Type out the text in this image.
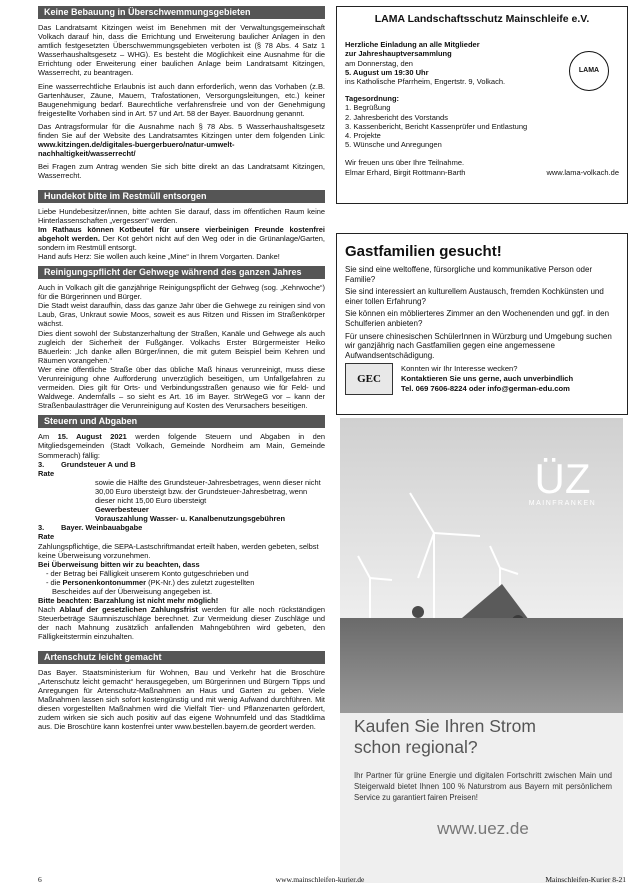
Keine Bebauung in Überschwemmungsgebieten

Das Landratsamt Kitzingen weist im Benehmen mit der Verwaltungsgemeinschaft Volkach darauf hin, dass die Errichtung und Erweiterung baulicher Anlagen in den amtlich festgesetzten Überschwemmungsgebieten verboten ist (§ 78 Abs. 4 Satz 1 Wasserhaushaltsgesetz – WHG). Es besteht die Möglichkeit eine Ausnahme für die Errichtung oder Erweiterung einer baulichen Anlage beim Landratsamt Kitzingen, Wasserrecht, zu beantragen.

Eine wasserrechtliche Erlaubnis ist auch dann erforderlich, wenn das Vorhaben (z.B. Gartenhäuser, Zäune, Mauern, Trafostationen, Versorgungsleitungen, etc.) keiner Baugenehmigung bedarf. Baurechtliche verfahrensfreie und von der Genehmigung freigestellte Vorhaben sind in Art. 57 und Art. 58 der Bayer. Bauordnung genannt.

Das Antragsformular für die Ausnahme nach § 78 Abs. 5 Wasserhaushaltsgesetz finden Sie auf der Website des Landratsamtes Kitzingen unter dem folgenden Link: www.kitzingen.de/digitales-buergerbuero/natur-umwelt-nachhaltigkeit/wasserrecht/

Bei Fragen zum Antrag wenden Sie sich bitte direkt an das Landratsamt Kitzingen, Wasserrecht.

Hundekot bitte im Restmüll entsorgen

Liebe Hundebesitzer/innen, bitte achten Sie darauf, dass im öffentlichen Raum keine Hinterlassenschaften „vergessen“ werden.
Im Rathaus können Kotbeutel für unsere vierbeinigen Freunde kostenfrei abgeholt werden. Der Kot gehört nicht auf den Weg oder in die Grünanlage/Garten, sondern im Restmüll entsorgt.
Hand aufs Herz: Sie wollen auch keine „Mine“ in Ihrem Vorgarten. Danke!

Reinigungspflicht der Gehwege während des ganzen Jahres

Auch in Volkach gilt die ganzjährige Reinigungspflicht der Gehweg (sog. „Kehrwoche“) für die Bürgerinnen und Bürger.
Die Stadt weist daraufhin, dass das ganze Jahr über die Gehwege zu reinigen sind von Laub, Gras, Unkraut sowie Moos, soweit es aus Ritzen und Rissen im Straßenkörper wächst.
Dies dient sowohl der Substanzerhaltung der Straßen, Kanäle und Gehwege als auch zugleich der Sicherheit der Fußgänger. Volkachs Erster Bürgermeister Heiko Bäuerlein: „Ich danke allen Bürger/innen, die mit gutem Beispiel beim Kehren und Räumen vorangehen.“
Wer eine öffentliche Straße über das übliche Maß hinaus verunreinigt, muss diese Verunreinigung ohne Aufforderung unverzüglich beseitigen, um Unfallgefahren zu vermeiden. Dies gilt für Orts- und Verbindungsstraßen genauso wie für Feld- und Waldwege. Andernfalls – so sieht es Art. 16 im Bayer. StrWegeG vor – kann der Straßenbaulastträger die Verunreinigung auf Kosten des Verursachers beseitigen.

Steuern und Abgaben

Am 15. August 2021 werden folgende Steuern und Abgaben in den Mitgliedsgemeinden (Stadt Volkach, Gemeinde Nordheim am Main, Gemeinde Sommerach) fällig:

3. Rate
Grundsteuer A und B
sowie die Hälfte des Grundsteuer-Jahresbetrages, wenn dieser nicht 30,00 Euro übersteigt bzw. der Grundsteuer-Jahresbetrag, wenn dieser nicht 15,00 Euro übersteigt
Gewerbesteuer
Vorauszahlung Wasser- u. Kanalbenutzungsgebühren
3. Rate
Bayer. Weinbauabgabe
Zahlungspflichtige, die SEPA-Lastschriftmandat erteilt haben, werden gebeten, selbst keine Überweisung vorzunehmen.
Bei Überweisung bitten wir zu beachten, dass
- der Betrag bei Fälligkeit unserem Konto gutgeschrieben und
- die Personenkontonummer (PK-Nr.) des zuletzt zugestellten
Bescheides auf der Überweisung angegeben ist.
Bitte beachten: Barzahlung ist nicht mehr möglich!

Nach Ablauf der gesetzlichen Zahlungsfrist werden für alle noch rückständigen Steuerbeträge Säumniszuschläge berechnet. Zur Vermeidung dieser Zuschläge und der nach Mahnung zusätzlich anfallenden Mahngebühren wird gebeten, den Fälligkeitstermin einzuhalten.

Artenschutz leicht gemacht

Das Bayer. Staatsministerium für Wohnen, Bau und Verkehr hat die Broschüre „Artenschutz leicht gemacht“ herausgegeben, um Bürgerinnen und Bürgern Tipps und Anregungen für Artenschutz-Maßnahmen an Haus und Garten zu geben. Viele Maßnahmen lassen sich sofort kostengünstig und mit wenig Aufwand durchführen. Mit diesen vorgestellten Maßnahmen wird die Vielfalt Tier- und Pflanzenarten gefördert, zudem wirken sie sich auch positiv auf das eigene Wohnumfeld und das Stadtklima aus. Die Broschüre kann kostenfrei unter www.bestellen.bayern.de geordert werden.

LAMA Landschaftsschutz Mainschleife e.V.
LAMA
Herzliche Einladung an alle Mitglieder
zur Jahreshauptversammlung
am Donnerstag, den
5. August um 19:30 Uhr
ins Katholische Pfarrheim, Engertstr. 9, Volkach.
Tagesordnung:
1. Begrüßung
2. Jahresbericht des Vorstands
3. Kassenbericht, Bericht Kassenprüfer und Entlastung
4. Projekte
5. Wünsche und Anregungen
Wir freuen uns über Ihre Teilnahme.
Elmar Erhard, Birgit Rottmann-Barth	www.lama-volkach.de
Gastfamilien gesucht!

Sie sind eine weltoffene, fürsorgliche und kommunikative Person oder Familie?

Sie sind interessiert an kulturellem Austausch, fremden Kochkünsten und einer tollen Erfahrung?

Sie können ein möblierteres Zimmer an den Wochenenden und ggf. in den Schulferien anbieten?

Für unsere chinesischen SchülerInnen in Würzburg und Umgebung suchen wir ganzjährig nach Gastfamilien gegen eine angemessene Aufwandsentschädigung.

GEC
Konnten wir Ihr Interesse wecken?
Kontaktieren Sie uns gerne, auch unverbindlich
Tel. 069 7606-8224 oder info@german-edu.com
ÜZ
MAINFRANKEN
Kaufen Sie Ihren Strom
schon regional?
Ihr Partner für grüne Energie und digitalen Fortschritt zwischen Main und Steigerwald bietet Ihnen 100 % Naturstrom aus Bayern mit persönlichem Service zu garantiert fairen Preisen!
www.uez.de
6	www.mainschleifen-kurier.de	Mainschleifen-Kurier 8-21
